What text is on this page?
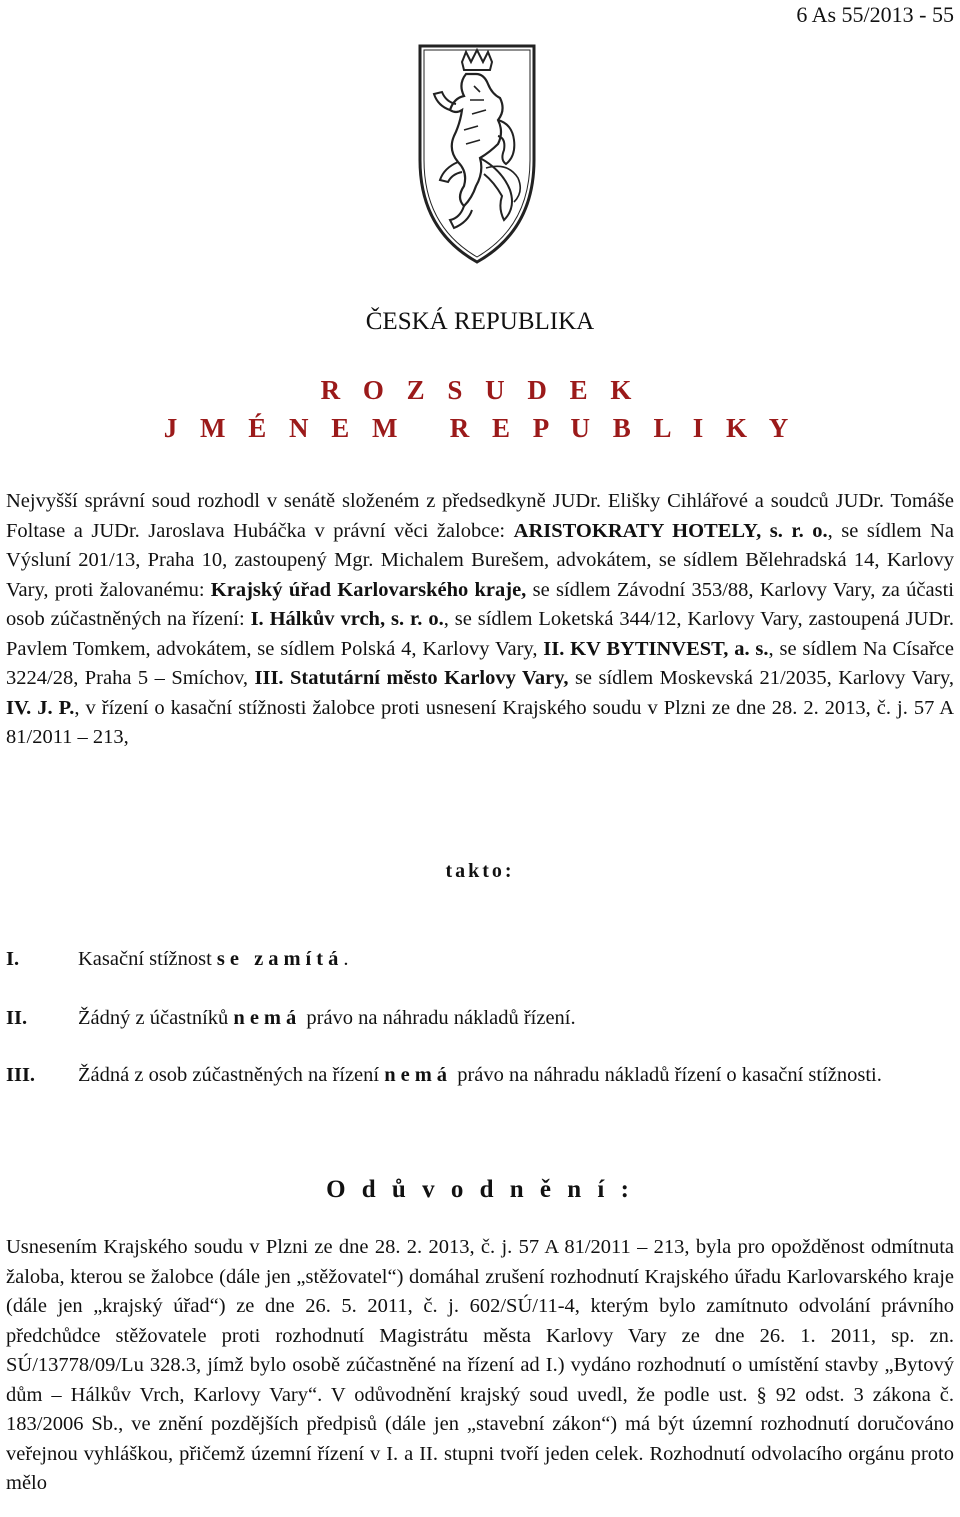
6 As 55/2013 - 55
ČESKÁ REPUBLIKA
R O Z S U D E K
J M É N E M   R E P U B L I K Y
Nejvyšší správní soud rozhodl v senátě složeném z předsedkyně JUDr. Elišky Cihlářové a soudců JUDr. Tomáše Foltase a JUDr. Jaroslava Hubáčka v právní věci žalobce: ARISTOKRATY HOTELY, s. r. o., se sídlem Na Výsluní 201/13, Praha 10, zastoupený Mgr. Michalem Burešem, advokátem, se sídlem Bělehradská 14, Karlovy Vary, proti žalovanému: Krajský úřad Karlovarského kraje, se sídlem Závodní 353/88, Karlovy Vary, za účasti osob zúčastněných na řízení: I. Hálkův vrch, s. r. o., se sídlem Loketská 344/12, Karlovy Vary, zastoupená JUDr. Pavlem Tomkem, advokátem, se sídlem Polská 4, Karlovy Vary, II. KV BYTINVEST, a. s., se sídlem Na Císařce 3224/28, Praha 5 – Smíchov, III. Statutární město Karlovy Vary, se sídlem Moskevská 21/2035, Karlovy Vary, IV. J. P., v řízení o kasační stížnosti žalobce proti usnesení Krajského soudu v Plzni ze dne 28. 2. 2013, č. j. 57 A 81/2011 – 213,
takto:
I.	Kasační stížnost se zamítá.
II. Žádný z účastníků nemá právo na náhradu nákladů řízení.
III. Žádná z osob zúčastněných na řízení nemá právo na náhradu nákladů řízení o kasační stížnosti.
O d ů v o d n ě n í :
Usnesením Krajského soudu v Plzni ze dne 28. 2. 2013, č. j. 57 A 81/2011 – 213, byla pro opožděnost odmítnuta žaloba, kterou se žalobce (dále jen „stěžovatel“) domáhal zrušení rozhodnutí Krajského úřadu Karlovarského kraje (dále jen „krajský úřad“) ze dne 26. 5. 2011, č. j. 602/SÚ/11-4, kterým bylo zamítnuto odvolání právního předchůdce stěžovatele proti rozhodnutí Magistrátu města Karlovy Vary ze dne 26. 1. 2011, sp. zn. SÚ/13778/09/Lu 328.3, jímž bylo osobě zúčastněné na řízení ad I.) vydáno rozhodnutí o umístění stavby „Bytový dům – Hálkův Vrch, Karlovy Vary“. V odůvodnění krajský soud uvedl, že podle ust. § 92 odst. 3 zákona č. 183/2006 Sb., ve znění pozdějších předpisů (dále jen „stavební zákon“) má být územní rozhodnutí doručováno veřejnou vyhláškou, přičemž územní řízení v I. a II. stupni tvoří jeden celek. Rozhodnutí odvolacího orgánu proto mělo
